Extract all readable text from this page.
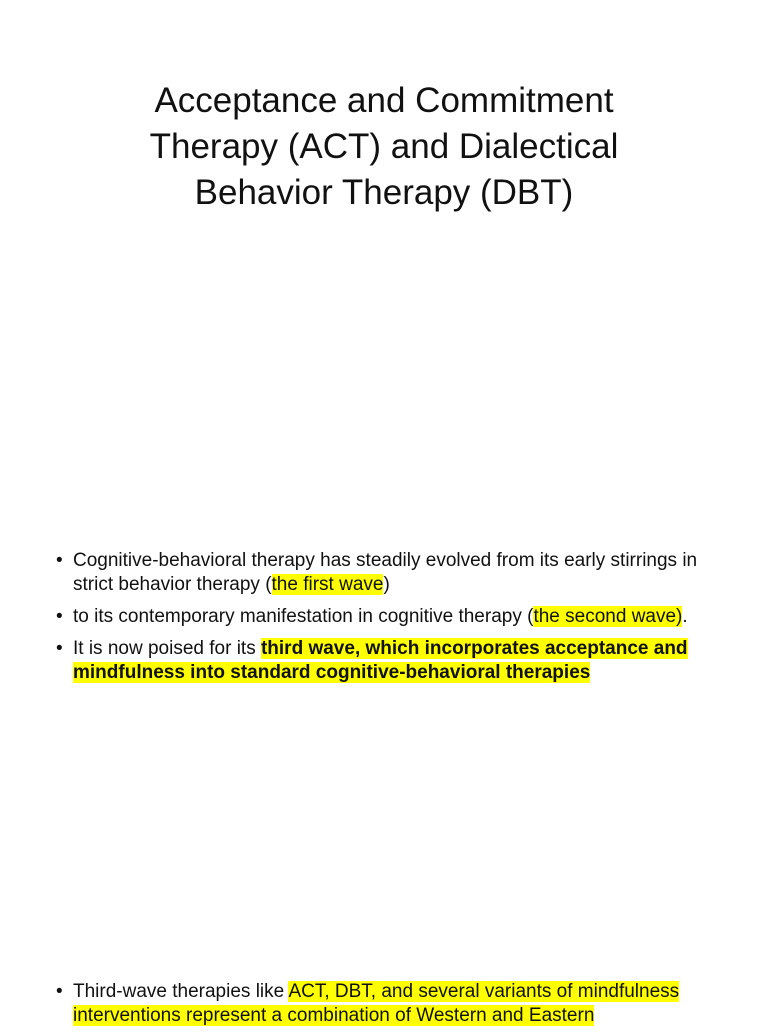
Acceptance and Commitment
Therapy (ACT) and Dialectical
Behavior Therapy (DBT)
• Cognitive-behavioral therapy has steadily evolved from its early stirrings in strict behavior therapy (the first wave)
• to its contemporary manifestation in cognitive therapy (the second wave).
• It is now poised for its third wave, which incorporates acceptance and mindfulness into standard cognitive-behavioral therapies
• Third-wave therapies like ACT, DBT, and several variants of mindfulness interventions represent a combination of Western and Eastern
